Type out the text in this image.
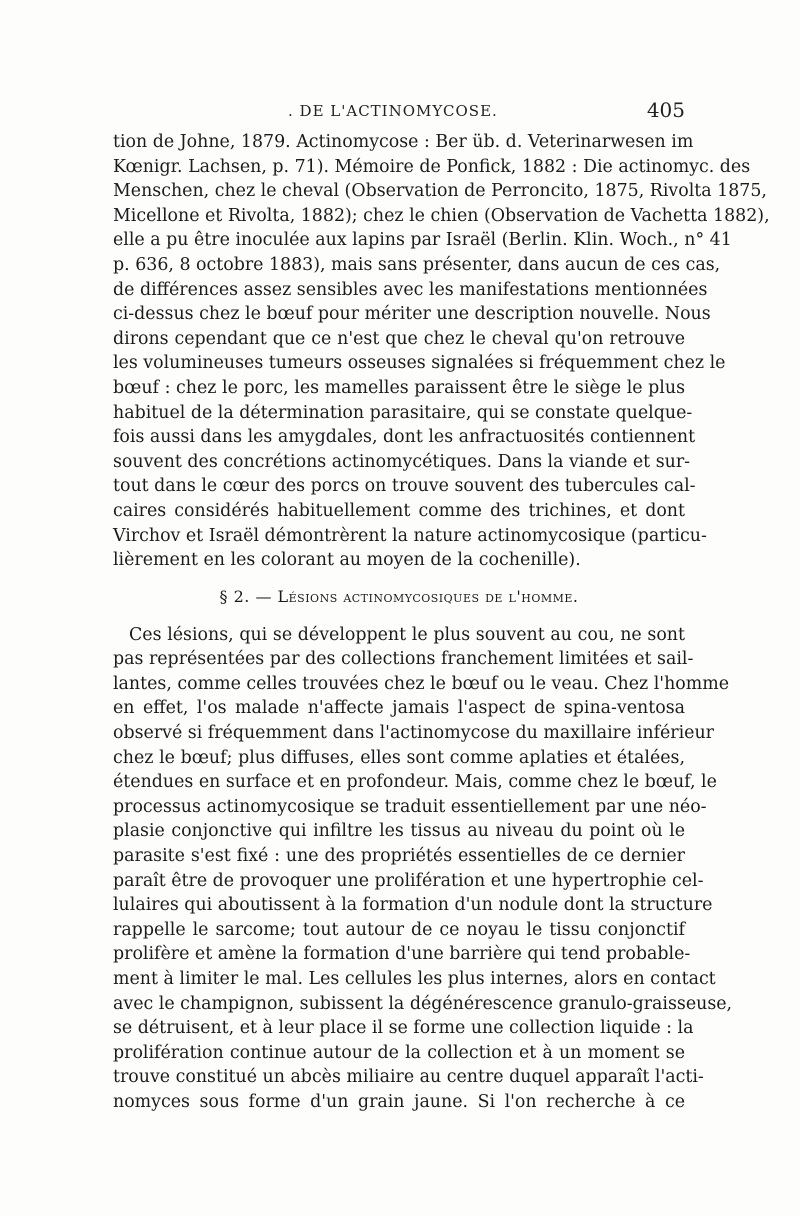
. DE L'ACTINOMYCOSE.	405
tion de Johne, 1879. Actinomycose : Ber üb. d. Veterinarwesen im
Kœnigr. Lachsen, p. 71). Mémoire de Ponfick, 1882 : Die actinomyc. des
Menschen, chez le cheval (Observation de Perroncito, 1875, Rivolta 1875,
Micellone et Rivolta, 1882); chez le chien (Observation de Vachetta 1882),
elle a pu être inoculée aux lapins par Israël (Berlin. Klin. Woch., n° 41
p. 636, 8 octobre 1883), mais sans présenter, dans aucun de ces cas,
de différences assez sensibles avec les manifestations mentionnées
ci-dessus chez le bœuf pour mériter une description nouvelle. Nous
dirons cependant que ce n'est que chez le cheval qu'on retrouve
les volumineuses tumeurs osseuses signalées si fréquemment chez le
bœuf : chez le porc, les mamelles paraissent être le siège le plus
habituel de la détermination parasitaire, qui se constate quelque-
fois aussi dans les amygdales, dont les anfractuosités contiennent
souvent des concrétions actinomycétiques. Dans la viande et sur-
tout dans le cœur des porcs on trouve souvent des tubercules cal-
caires considérés habituellement comme des trichines, et dont
Virchov et Israël démontrèrent la nature actinomycosique (particu-
lièrement en les colorant au moyen de la cochenille).
§ 2. — Lésions actinomycosiques de l'homme.
Ces lésions, qui se développent le plus souvent au cou, ne sont
pas représentées par des collections franchement limitées et sail-
lantes, comme celles trouvées chez le bœuf ou le veau. Chez l'homme
en effet, l'os malade n'affecte jamais l'aspect de spina-ventosa
observé si fréquemment dans l'actinomycose du maxillaire inférieur
chez le bœuf; plus diffuses, elles sont comme aplaties et étalées,
étendues en surface et en profondeur. Mais, comme chez le bœuf, le
processus actinomycosique se traduit essentiellement par une néo-
plasie conjonctive qui infiltre les tissus au niveau du point où le
parasite s'est fixé : une des propriétés essentielles de ce dernier
paraît être de provoquer une prolifération et une hypertrophie cel-
lulaires qui aboutissent à la formation d'un nodule dont la structure
rappelle le sarcome; tout autour de ce noyau le tissu conjonctif
prolifère et amène la formation d'une barrière qui tend probable-
ment à limiter le mal. Les cellules les plus internes, alors en contact
avec le champignon, subissent la dégénérescence granulo-graisseuse,
se détruisent, et à leur place il se forme une collection liquide : la
prolifération continue autour de la collection et à un moment se
trouve constitué un abcès miliaire au centre duquel apparaît l'acti-
nomyces sous forme d'un grain jaune. Si l'on recherche à ce
